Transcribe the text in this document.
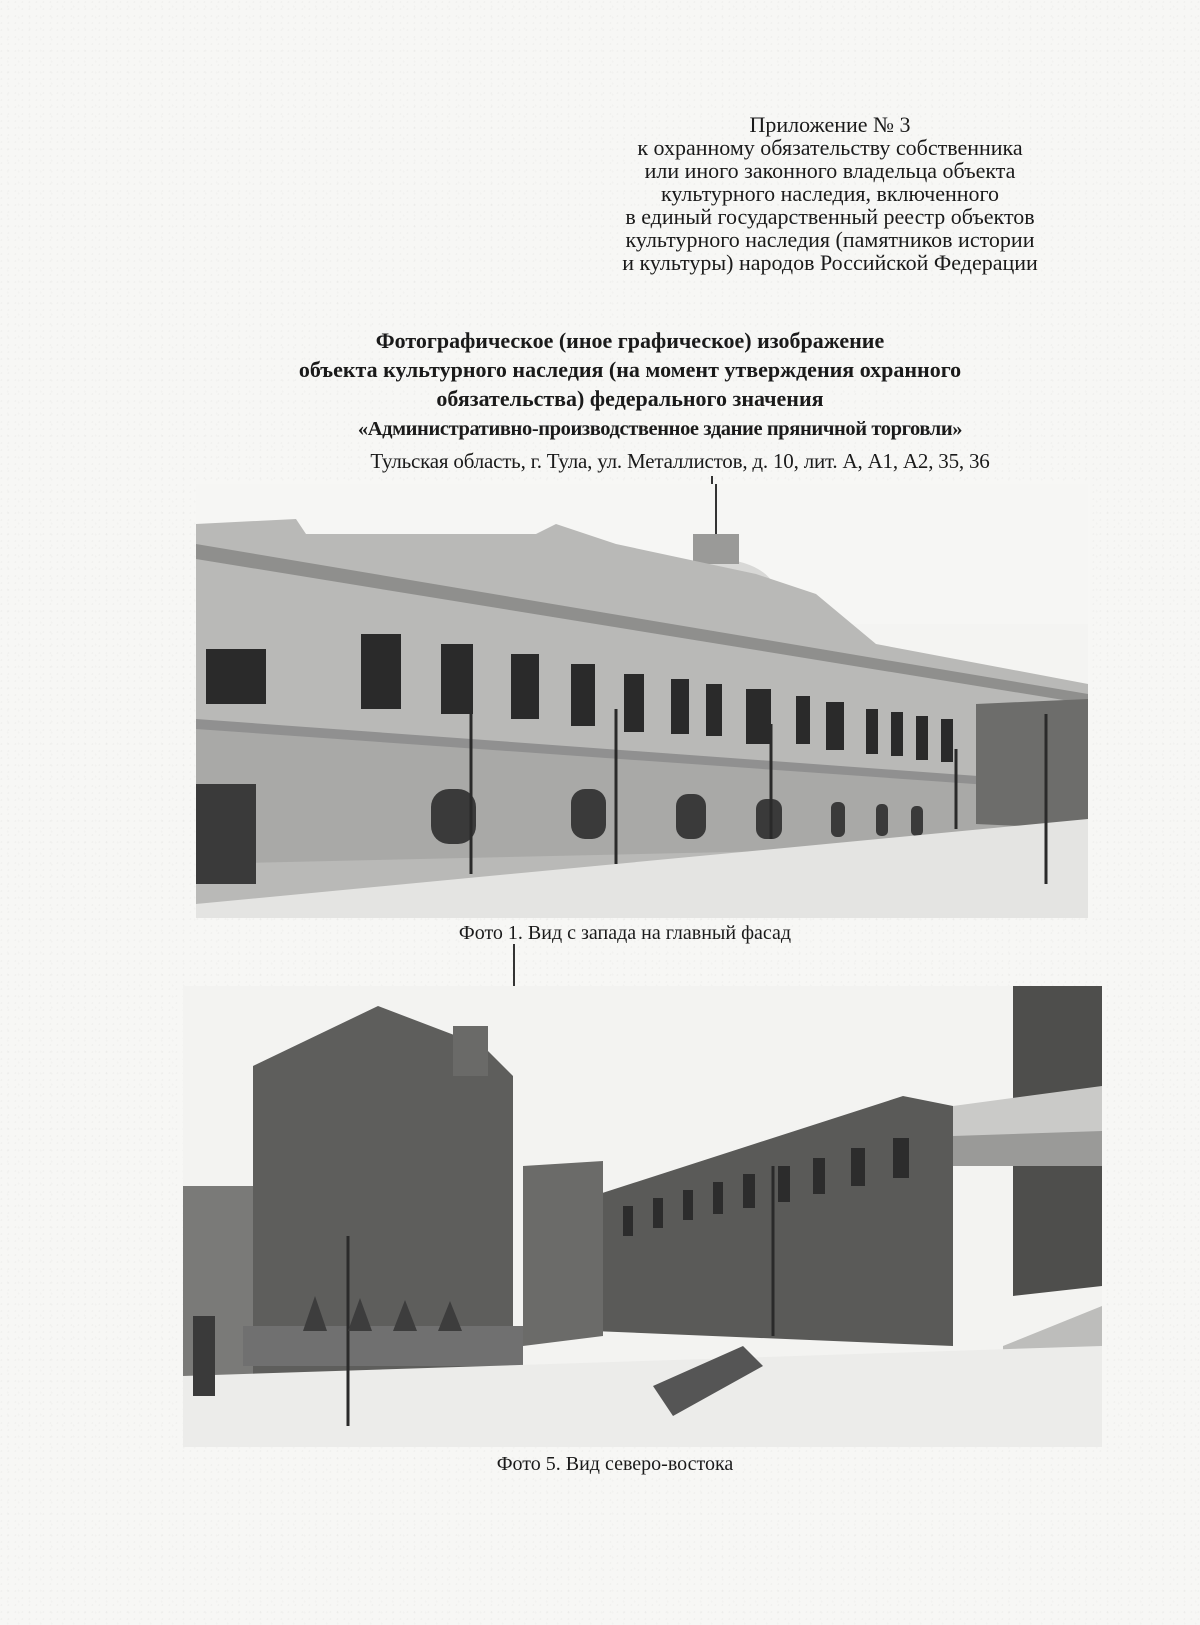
Приложение № 3
к охранному обязательству собственника
или иного законного владельца объекта
культурного наследия, включенного
в единый государственный реестр объектов
культурного наследия (памятников истории
и культуры) народов Российской Федерации
Фотографическое (иное графическое) изображение
объекта культурного наследия (на момент утверждения охранного
обязательства) федерального значения
«Административно-производственное здание пряничной торговли»
Тульская область, г. Тула, ул. Металлистов, д. 10, лит. А, А1, А2, 35, 36
Фото 1. Вид с запада на главный фасад
Фото 5. Вид северо-востока
